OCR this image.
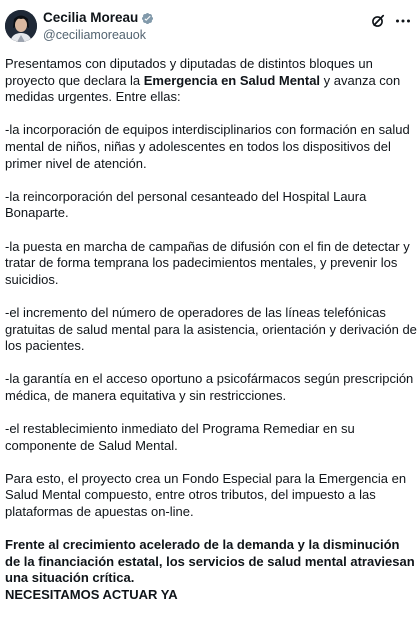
Cecilia Moreau
@ceciliamoreauok

Presentamos con diputados y diputadas de distintos bloques un proyecto que declara la Emergencia en Salud Mental y avanza con medidas urgentes. Entre ellas:

-la incorporación de equipos interdisciplinarios con formación en salud mental de niños, niñas y adolescentes en todos los dispositivos del primer nivel de atención.

-la reincorporación del personal cesanteado del Hospital Laura Bonaparte.

-la puesta en marcha de campañas de difusión con el fin de detectar y tratar de forma temprana los padecimientos mentales, y prevenir los suicidios.

-el incremento del número de operadores de las líneas telefónicas gratuitas de salud mental para la asistencia, orientación y derivación de los pacientes.

-la garantía en el acceso oportuno a psicofármacos según prescripción médica, de manera equitativa y sin restricciones.

-el restablecimiento inmediato del Programa Remediar en su componente de Salud Mental.

Para esto, el proyecto crea un Fondo Especial para la Emergencia en Salud Mental compuesto, entre otros tributos, del impuesto a las plataformas de apuestas on-line.

Frente al crecimiento acelerado de la demanda y la disminución de la financiación estatal, los servicios de salud mental atraviesan una situación crítica.
NECESITAMOS ACTUAR YA
